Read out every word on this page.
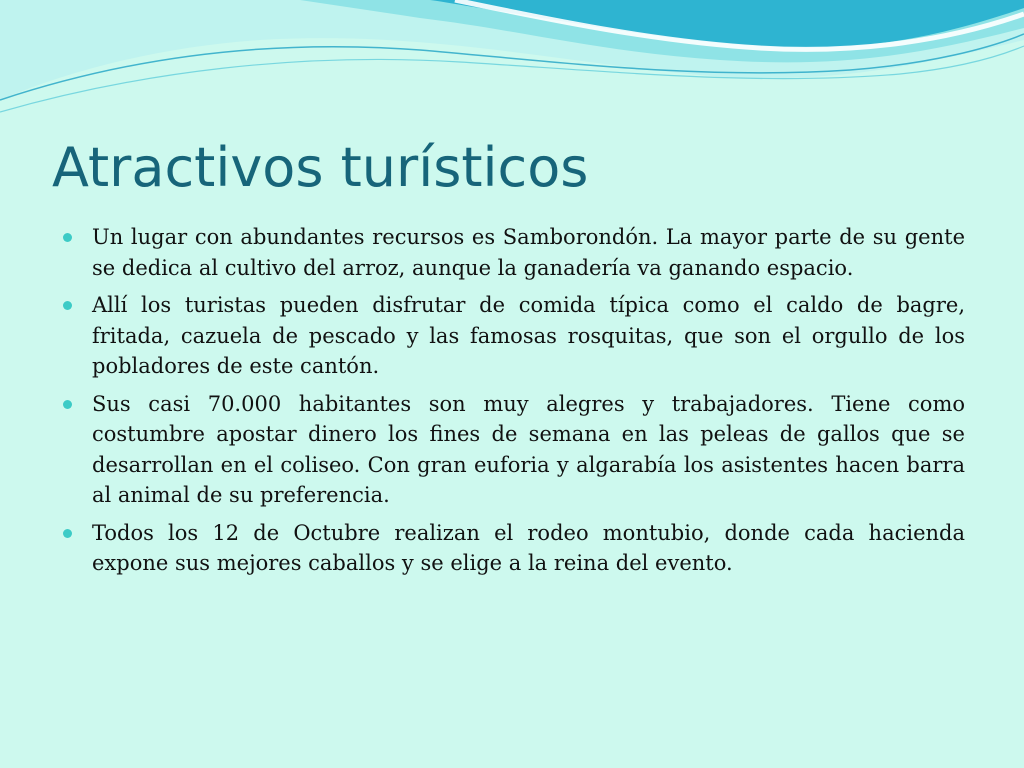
Atractivos turísticos
Un lugar con abundantes recursos es Samborondón. La mayor parte de su gente se dedica al cultivo del arroz, aunque la ganadería va ganando espacio.
Allí los turistas pueden disfrutar de comida típica como el caldo de bagre, fritada, cazuela de pescado y las famosas rosquitas, que son el orgullo de los pobladores de este cantón.
Sus casi 70.000 habitantes son muy alegres y trabajadores. Tiene como costumbre apostar dinero los fines de semana en las peleas de gallos que se desarrollan en el coliseo. Con gran euforia y algarabía los asistentes hacen barra al animal de su preferencia.
Todos los 12 de Octubre realizan el rodeo montubio, donde cada hacienda expone sus mejores caballos y se elige a la reina del evento.
